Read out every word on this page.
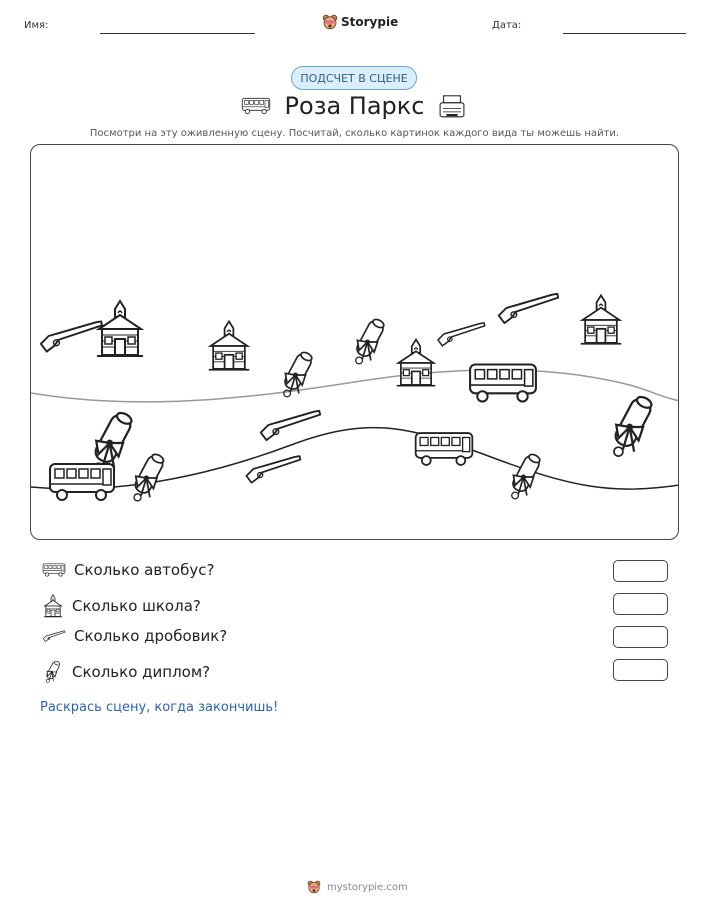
Имя:	Storypie	Дата:
ПОДСЧЕТ В СЦЕНЕ
Роза Паркс
Посмотри на эту оживленную сцену. Посчитай, сколько картинок каждого вида ты можешь найти.
Сколько автобус?
Сколько школа?
Сколько дробовик?
Сколько диплом?
Раскрась сцену, когда закончишь!
mystorypie.com
